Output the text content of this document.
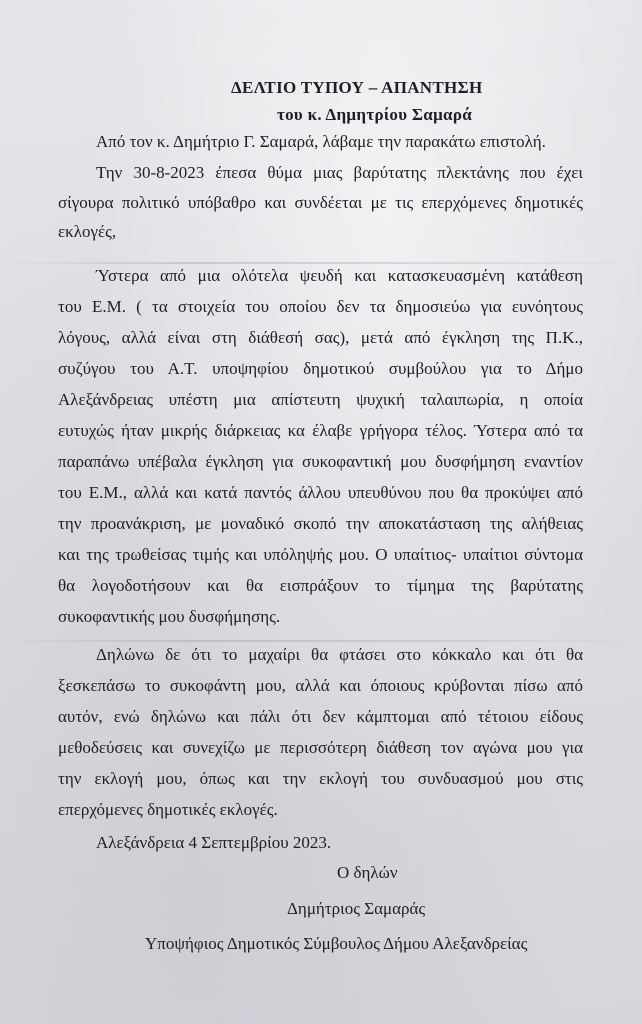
ΔΕΛΤΙΟ ΤΥΠΟΥ – ΑΠΑΝΤΗΣΗ
του κ. Δημητρίου Σαμαρά
Από τον κ. Δημήτριο Γ. Σαμαρά, λάβαμε την παρακάτω επιστολή.
Την 30-8-2023 έπεσα θύμα μιας βαρύτατης πλεκτάνης που έχει
σίγουρα πολιτικό υπόβαθρο και συνδέεται με τις επερχόμενες δημοτικές
εκλογές,
Ύστερα από μια ολότελα ψευδή και κατασκευασμένη κατάθεση
του Ε.Μ. ( τα στοιχεία του οποίου δεν τα δημοσιεύω για ευνόητους
λόγους, αλλά είναι στη διάθεσή σας), μετά από έγκληση της Π.Κ.,
συζύγου του Α.Τ. υποψηφίου δημοτικού συμβούλου για το Δήμο
Αλεξάνδρειας υπέστη μια απίστευτη ψυχική ταλαιπωρία, η οποία
ευτυχώς ήταν μικρής διάρκειας κα έλαβε γρήγορα τέλος. Ύστερα από τα
παραπάνω υπέβαλα έγκληση για συκοφαντική μου δυσφήμηση εναντίον
του Ε.Μ., αλλά και κατά παντός άλλου υπευθύνου που θα προκύψει από
την προανάκριση, με μοναδικό σκοπό την αποκατάσταση της αλήθειας
και της τρωθείσας τιμής και υπόληψής μου. Ο υπαίτιος- υπαίτιοι σύντομα
θα λογοδοτήσουν και θα εισπράξουν το τίμημα της βαρύτατης
συκοφαντικής μου δυσφήμησης.
Δηλώνω δε ότι το μαχαίρι θα φτάσει στο κόκκαλο και ότι θα
ξεσκεπάσω το συκοφάντη μου, αλλά και όποιους κρύβονται πίσω από
αυτόν, ενώ δηλώνω και πάλι ότι δεν κάμπτομαι από τέτοιου είδους
μεθοδεύσεις και συνεχίζω με περισσότερη διάθεση τον αγώνα μου για
την εκλογή μου, όπως και την εκλογή του συνδυασμού μου στις
επερχόμενες δημοτικές εκλογές.
Αλεξάνδρεια 4 Σεπτεμβρίου 2023.
Ο δηλών
Δημήτριος Σαμαράς
Υποψήφιος Δημοτικός Σύμβουλος Δήμου Αλεξανδρείας
